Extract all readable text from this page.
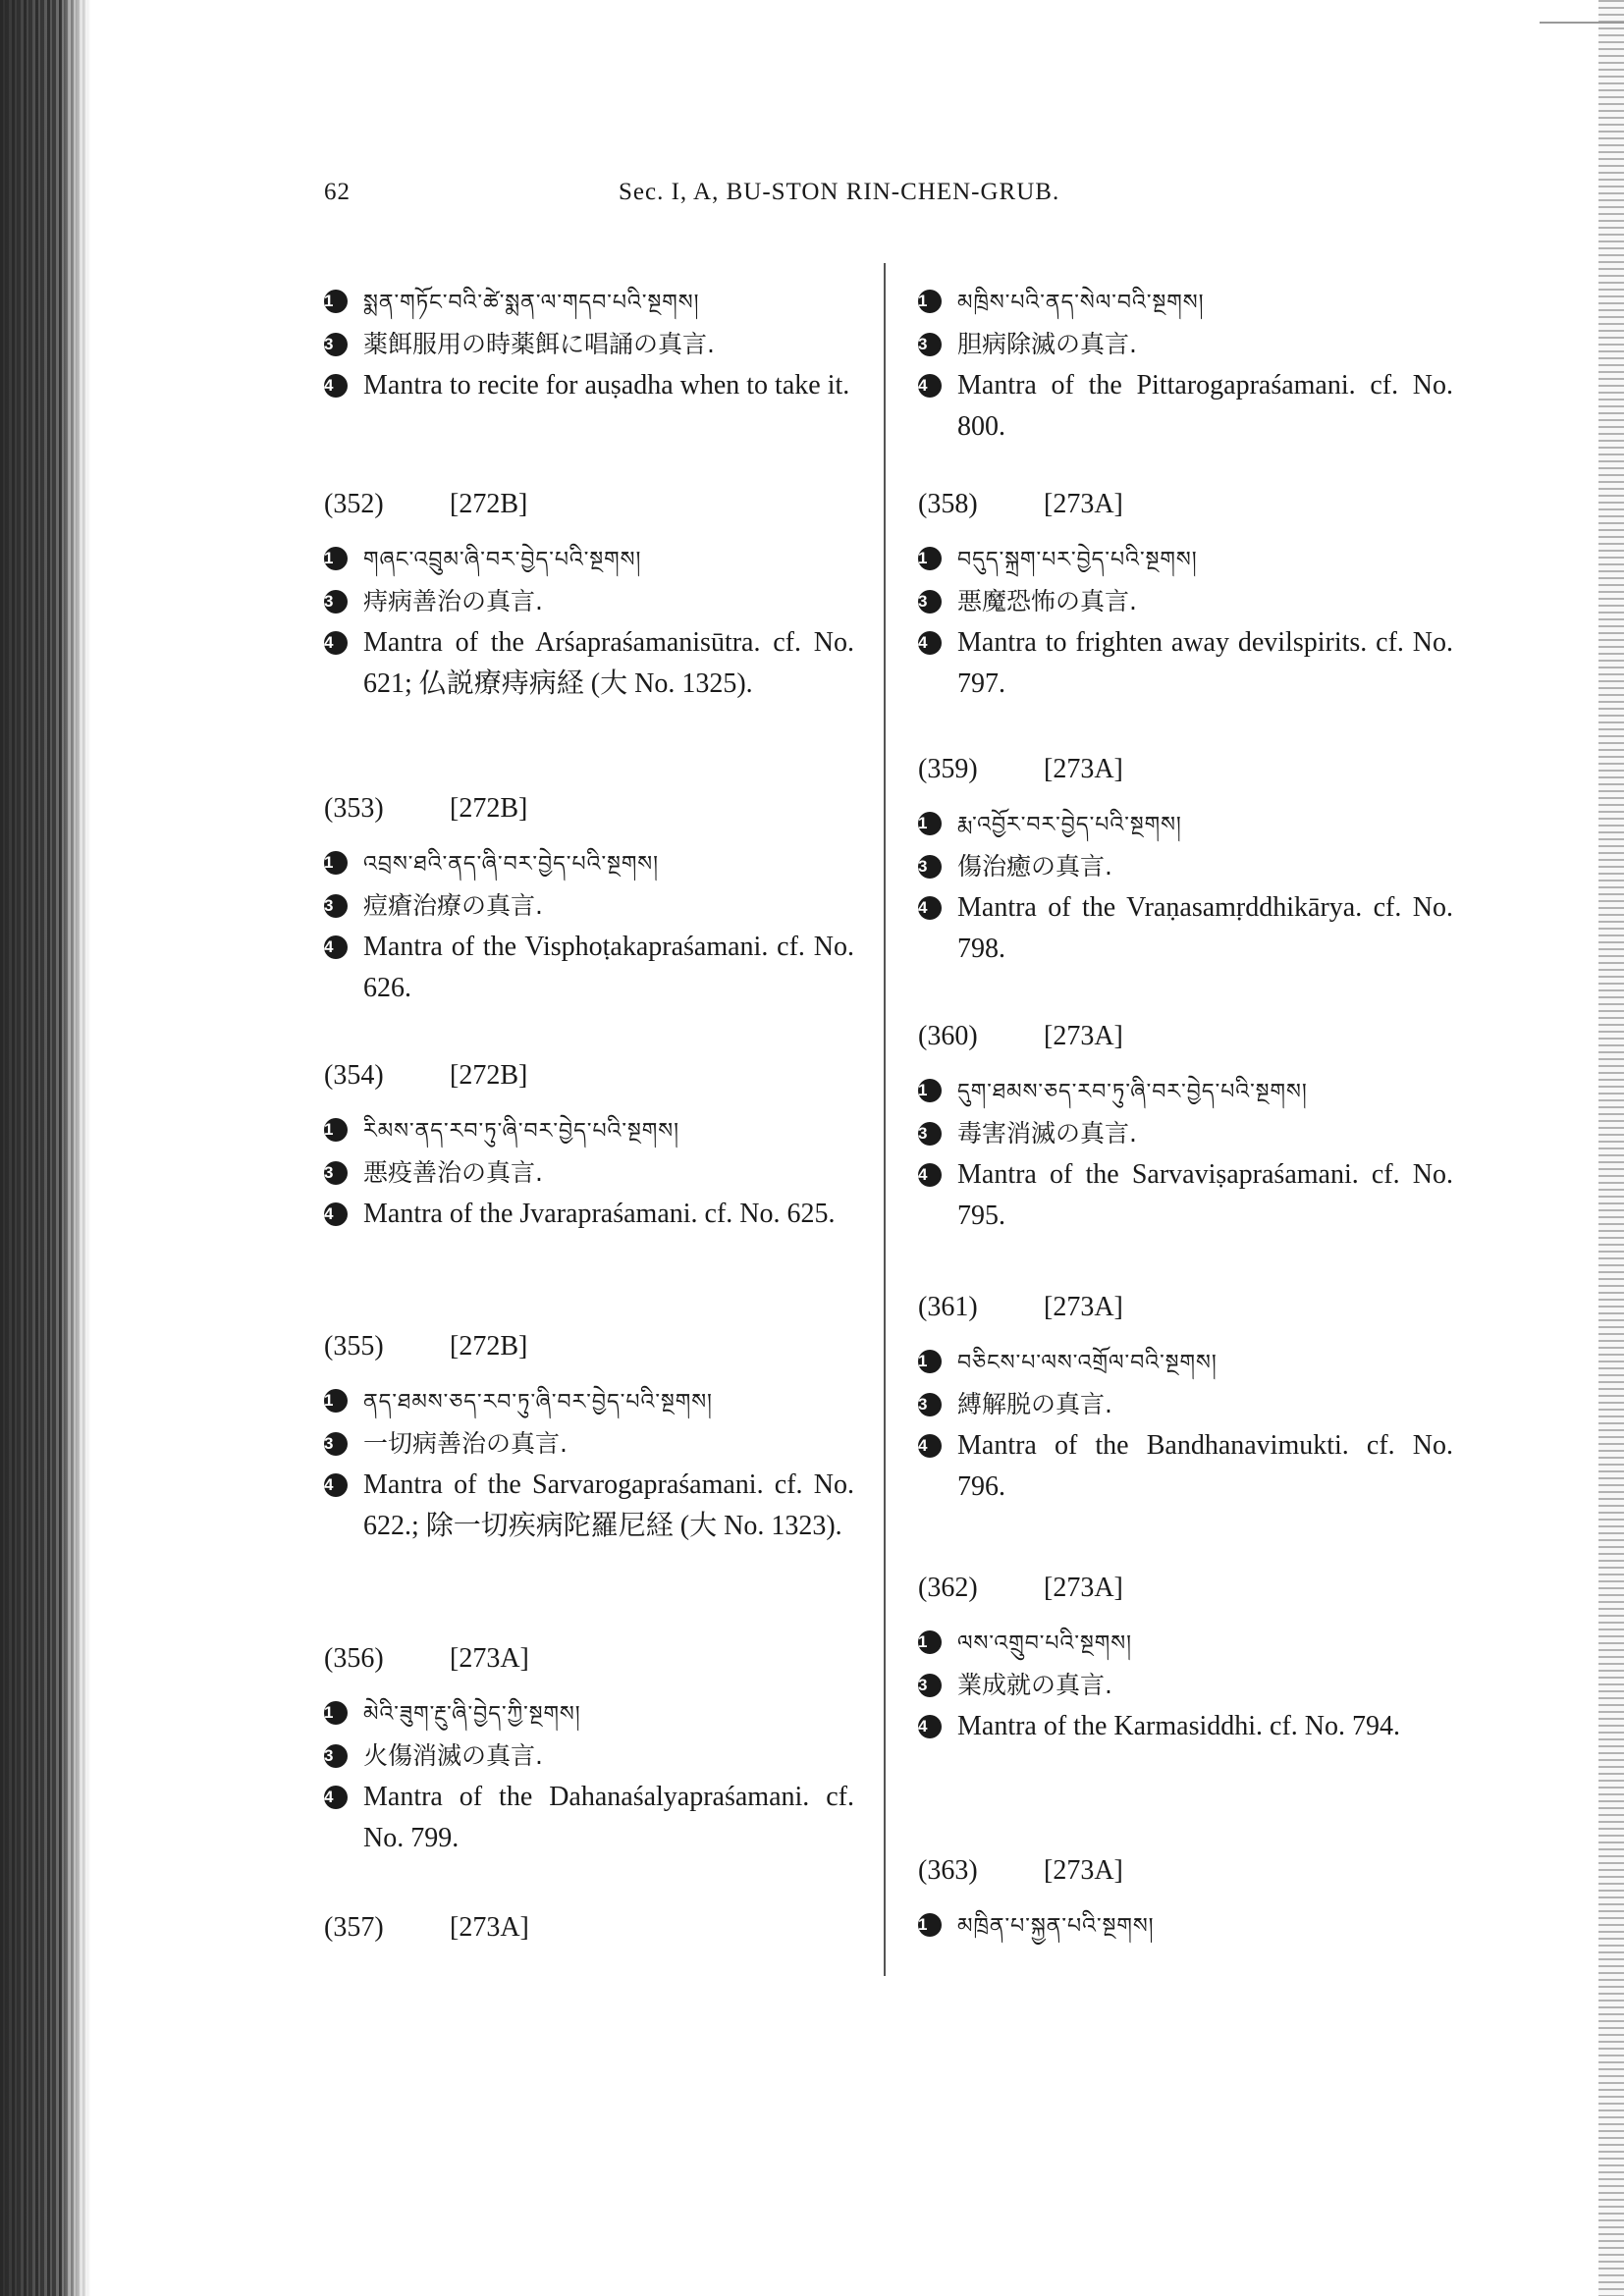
62	Sec. I, A, BU-STON RIN-CHEN-GRUB.
1	སྨན་གཏོང་བའི་ཚེ་སྨན་ལ་གདབ་པའི་སྔགས།
3	薬餌服用の時薬餌に唱誦の真言.
4	Mantra to recite for auṣadha when to take it.
(352) [272B]
1	གཞང་འབྲུམ་ཞི་བར་བྱེད་པའི་སྔགས།
3	痔病善治の真言.
4	Mantra of the Arśapraśamanisūtra. cf. No. 621; 仏説療痔病経 (大 No. 1325).
(353) [272B]
1	འབྲས་ཐའི་ནད་ཞི་བར་བྱེད་པའི་སྔགས།
3	痘瘡治療の真言.
4	Mantra of the Visphoṭakapraśamani. cf. No. 626.
(354) [272B]
1	རིམས་ནད་རབ་ཏུ་ཞི་བར་བྱེད་པའི་སྔགས།
3	悪疫善治の真言.
4	Mantra of the Jvarapraśamani. cf. No. 625.
(355) [272B]
1	ནད་ཐམས་ཅད་རབ་ཏུ་ཞི་བར་བྱེད་པའི་སྔགས།
3	一切病善治の真言.
4	Mantra of the Sarvarogapraśamani. cf. No. 622.; 除一切疾病陀羅尼経 (大 No. 1323).
(356) [273A]
1	མེའི་ཟུག་རྔུ་ཞི་བྱེད་ཀྱི་སྔགས།
3	火傷消滅の真言.
4	Mantra of the Dahanaśalyapraśamani. cf. No. 799.
(357) [273A]
1	མཁྲིས་པའི་ནད་སེལ་བའི་སྔགས།
3	胆病除滅の真言.
4	Mantra of the Pittarogapraśamani. cf. No. 800.
(358) [273A]
1	བདུད་སྐྲག་པར་བྱེད་པའི་སྔགས།
3	悪魔恐怖の真言.
4	Mantra to frighten away devilspirits. cf. No. 797.
(359) [273A]
1	རྨ་འབྱོར་བར་བྱེད་པའི་སྔགས།
3	傷治癒の真言.
4	Mantra of the Vraṇasamṛddhikārya. cf. No. 798.
(360) [273A]
1	དུག་ཐམས་ཅད་རབ་ཏུ་ཞི་བར་བྱེད་པའི་སྔགས།
3	毒害消滅の真言.
4	Mantra of the Sarvaviṣapraśamani. cf. No. 795.
(361) [273A]
1	བཅིངས་པ་ལས་འགྲོལ་བའི་སྔགས།
3	縛解脱の真言.
4	Mantra of the Bandhanavimukti. cf. No. 796.
(362) [273A]
1	ལས་འགྲུབ་པའི་སྔགས།
3	業成就の真言.
4	Mantra of the Karmasiddhi. cf. No. 794.
(363) [273A]
1	མཁྲིན་པ་སྐྱན་པའི་སྔགས།
